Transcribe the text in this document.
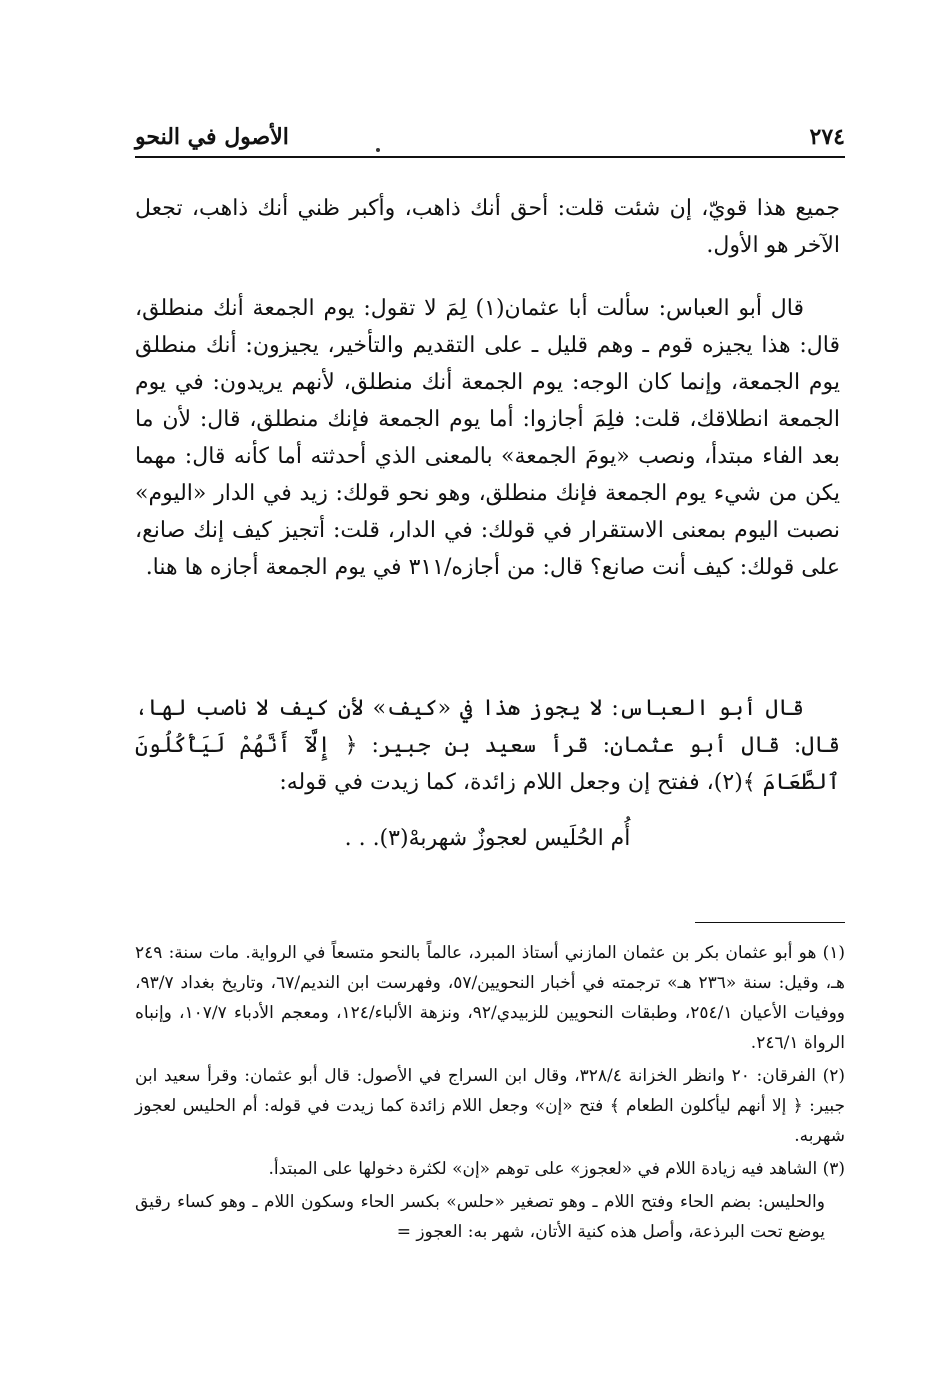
٢٧٤
الأصول في النحو

جميع هذا قويّ، إن شئت قلت: أحق أنك ذاهب، وأكبر ظني أنك ذاهب، تجعل الآخر هو الأول.

قال أبو العباس: سألت أبا عثمان(١) لِمَ لا تقول: يوم الجمعة أنك منطلق، قال: هذا يجيزه قوم ـ وهم قليل ـ على التقديم والتأخير، يجيزون: أنك منطلق يوم الجمعة، وإنما كان الوجه: يوم الجمعة أنك منطلق، لأنهم يريدون: في يوم الجمعة انطلاقك، قلت: فلِمَ أجازوا: أما يوم الجمعة فإنك منطلق، قال: لأن ما بعد الفاء مبتدأ، ونصب «يومَ الجمعة» بالمعنى الذي أحدثته أما كأنه قال: مهما يكن من شيء يوم الجمعة فإنك منطلق، وهو نحو قولك: زيد في الدار «اليوم» نصبت اليوم بمعنى الاستقرار في قولك: في الدار، قلت: أتجيز كيف إنك صانع، على قولك: كيف أنت صانع؟ قال: من أجازه/٣١١ في يوم الجمعة أجازه ها هنا.

قال أبو العباس: لا يجوز هذا في «كيف» لأن كيف لا ناصب لها، قال: قال أبو عثمان: قرأ سعيد بن جبير: ﴿ إِلَّآ أَنَّهُمْ لَيَأْكُلُونَ ٱلطَّعَامَ ﴾(٢)، ففتح إن وجعل اللام زائدة، كما زيدت في قوله:

أُم الحُلَيس لعجوزٌ شهربهْ(٣). . .

(١) هو أبو عثمان بكر بن عثمان المازني أستاذ المبرد، عالماً بالنحو متسعاً في الرواية. مات سنة: ٢٤٩ هـ، وقيل: سنة «٢٣٦ هـ» ترجمته في أخبار النحويين/٥٧، وفهرست ابن النديم/٦٧، وتاريخ بغداد ٩٣/٧، ووفيات الأعيان ٢٥٤/١، وطبقات النحويين للزبيدي/٩٢، ونزهة الألباء/١٢٤، ومعجم الأدباء ١٠٧/٧، وإنباه الرواة ٢٤٦/١.

(٢) الفرقان: ٢٠ وانظر الخزانة ٣٢٨/٤، وقال ابن السراج في الأصول: قال أبو عثمان: وقرأ سعيد ابن جبير: ﴿ إلا أنهم ليأكلون الطعام ﴾ فتح «إن» وجعل اللام زائدة كما زيدت في قوله: أم الحليس لعجوز شهربه.

(٣) الشاهد فيه زيادة اللام في «لعجوز» على توهم «إن» لكثرة دخولها على المبتدأ.

والحليس: بضم الحاء وفتح اللام ـ وهو تصغير «حلس» بكسر الحاء وسكون اللام ـ وهو كساء رقيق يوضع تحت البرذعة، وأصل هذه كنية الأتان، شهر به: العجوز =
